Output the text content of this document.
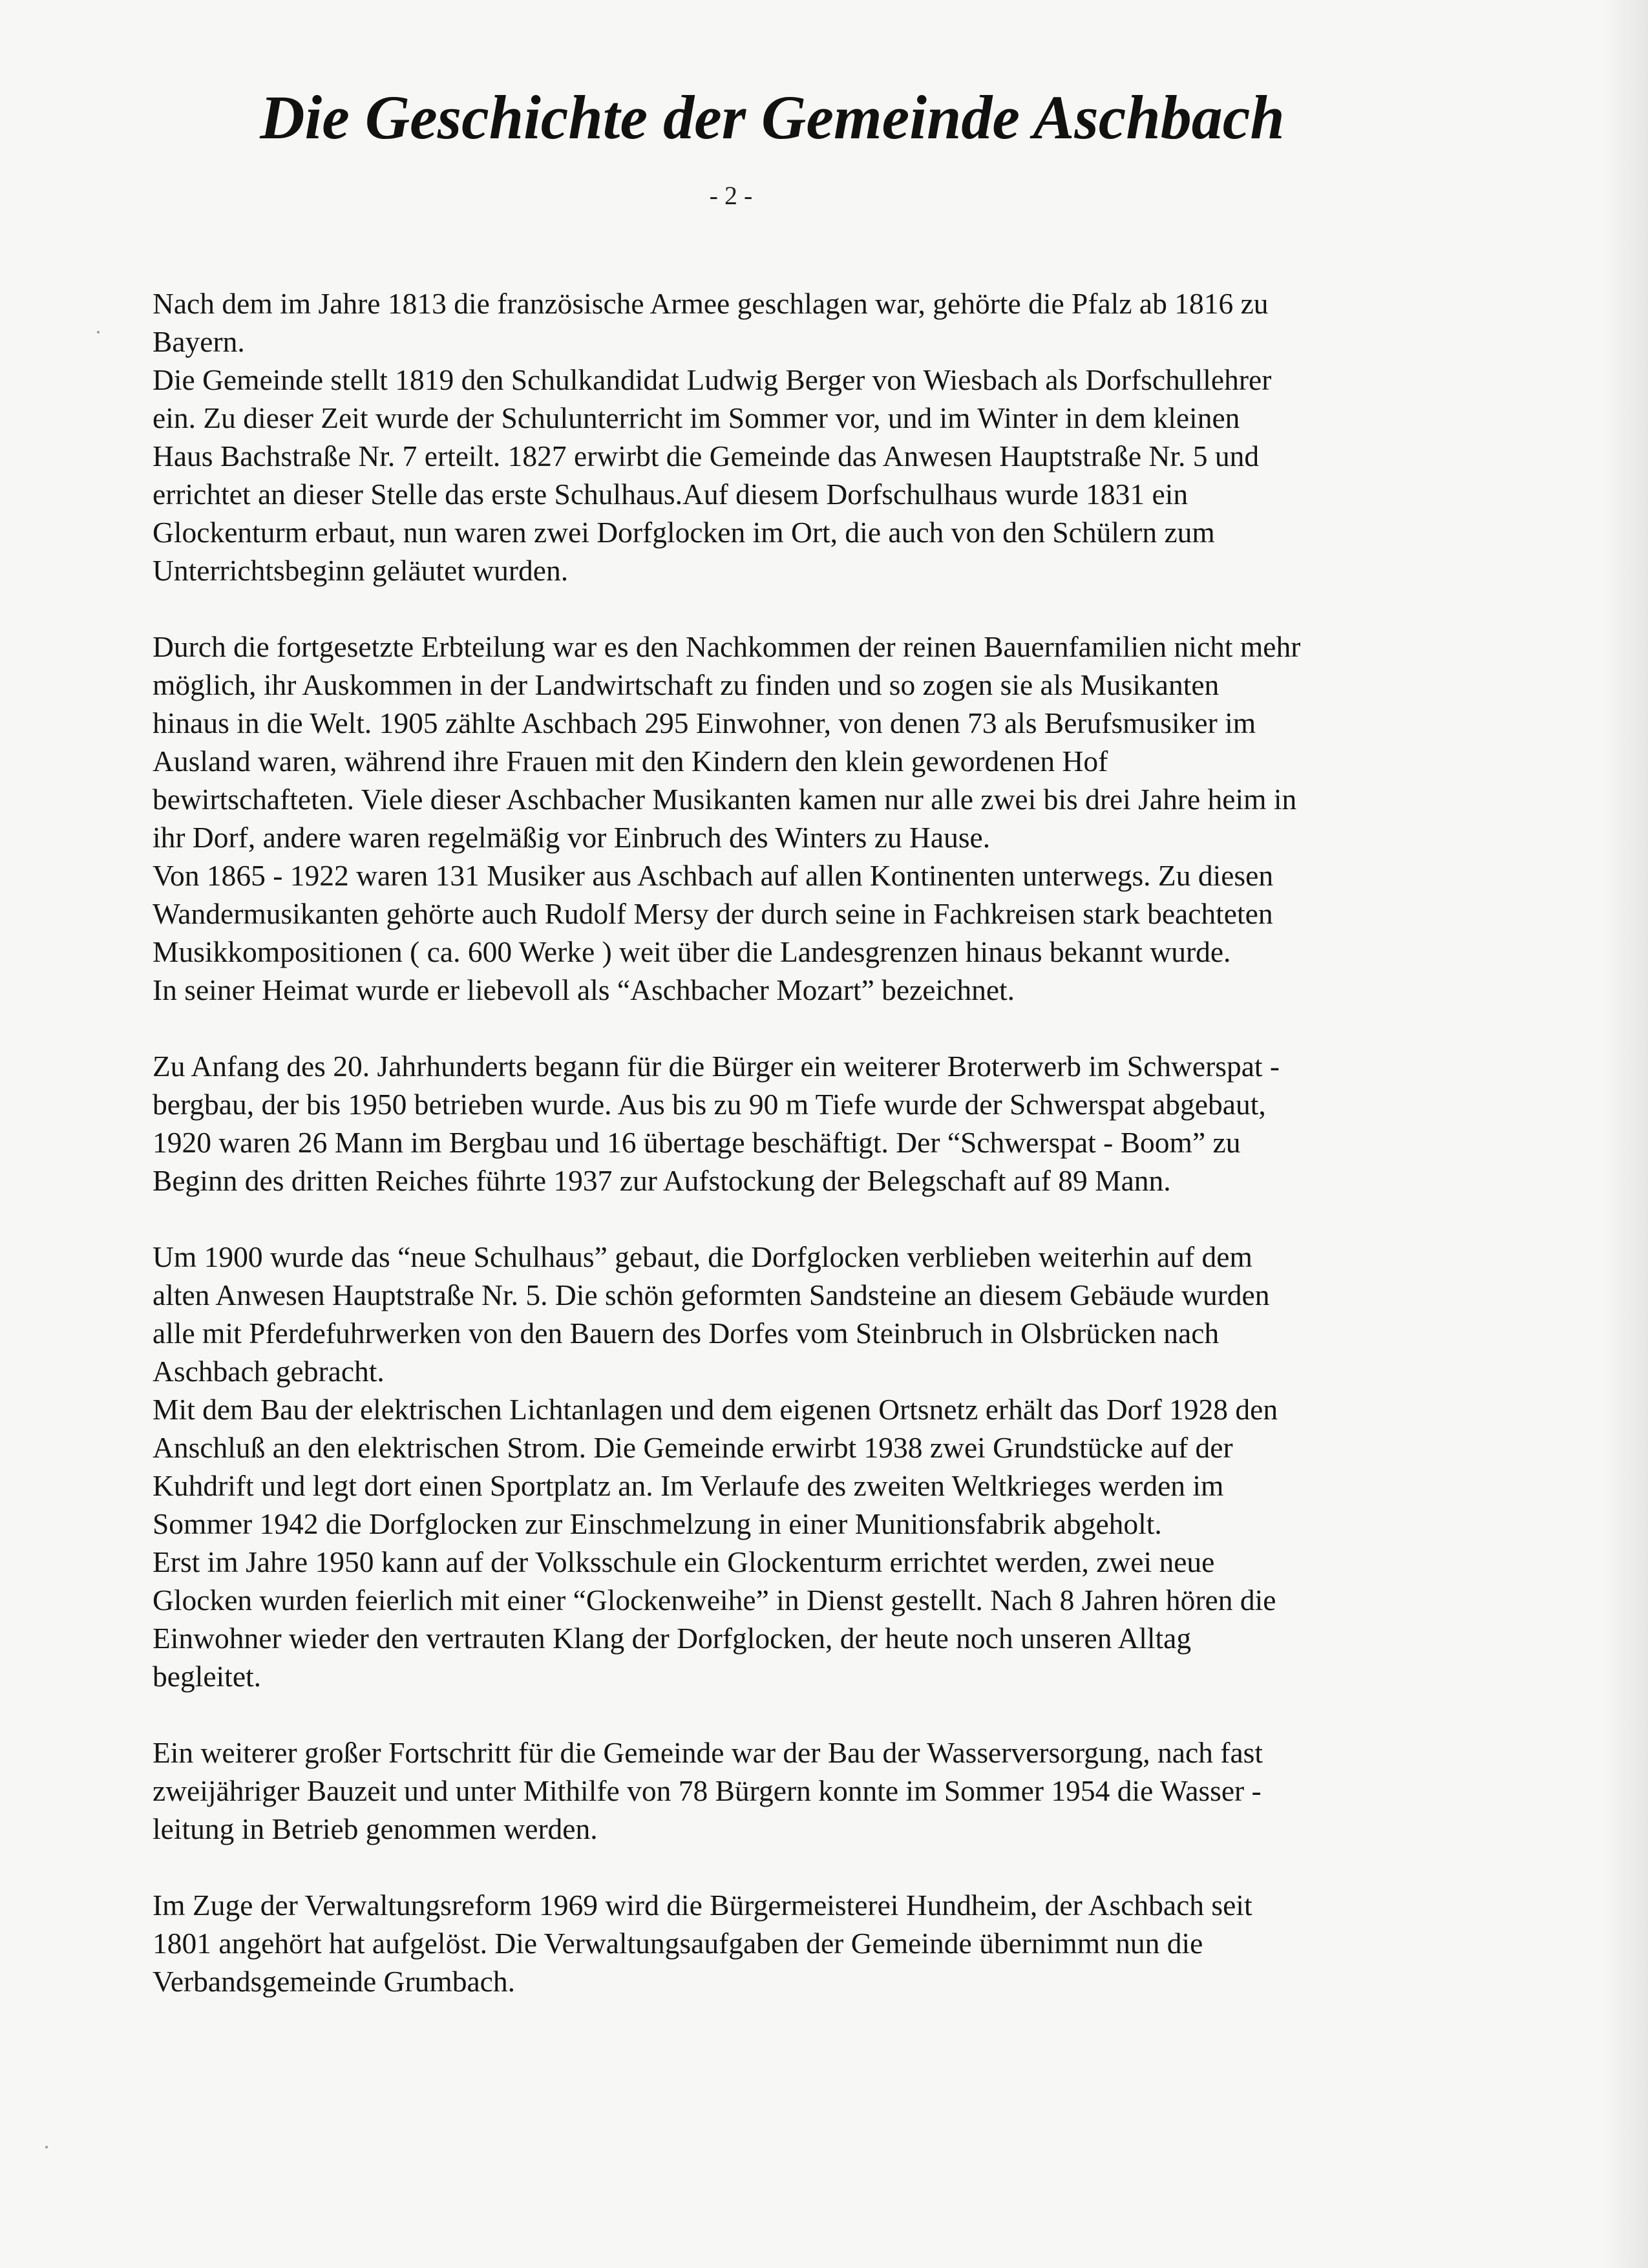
Die Geschichte der Gemeinde Aschbach
- 2 -

Nach dem im Jahre 1813 die französische Armee geschlagen war, gehörte die Pfalz ab 1816 zu
Bayern.
Die Gemeinde stellt 1819 den Schulkandidat Ludwig Berger von Wiesbach als Dorfschullehrer
ein. Zu dieser Zeit wurde der Schulunterricht im Sommer vor, und im Winter in dem kleinen
Haus Bachstraße Nr. 7 erteilt. 1827 erwirbt die Gemeinde das Anwesen Hauptstraße Nr. 5 und
errichtet an dieser Stelle das erste Schulhaus.Auf diesem Dorfschulhaus wurde 1831 ein
Glockenturm erbaut, nun waren zwei Dorfglocken im Ort, die auch von den Schülern zum
Unterrichtsbeginn geläutet wurden.

Durch die fortgesetzte Erbteilung war es den Nachkommen der reinen Bauernfamilien nicht mehr
möglich, ihr Auskommen in der Landwirtschaft zu finden und so zogen sie als Musikanten
hinaus in die Welt. 1905 zählte Aschbach 295 Einwohner, von denen 73 als Berufsmusiker im
Ausland waren, während ihre Frauen mit den Kindern den klein gewordenen Hof
bewirtschafteten. Viele dieser Aschbacher Musikanten kamen nur alle zwei bis drei Jahre heim in
ihr Dorf, andere waren regelmäßig vor Einbruch des Winters zu Hause.
Von 1865 - 1922 waren 131 Musiker aus Aschbach auf allen Kontinenten unterwegs. Zu diesen
Wandermusikanten gehörte auch Rudolf Mersy der durch seine in Fachkreisen stark beachteten
Musikkompositionen ( ca. 600 Werke ) weit über die Landesgrenzen hinaus bekannt wurde.
In seiner Heimat wurde er liebevoll als “Aschbacher Mozart” bezeichnet.

Zu Anfang des 20. Jahrhunderts begann für die Bürger ein weiterer Broterwerb im Schwerspat -
bergbau, der bis 1950 betrieben wurde. Aus bis zu 90 m Tiefe wurde der Schwerspat abgebaut,
1920 waren 26 Mann im Bergbau und 16 übertage beschäftigt. Der “Schwerspat - Boom” zu
Beginn des dritten Reiches führte 1937 zur Aufstockung der Belegschaft auf 89 Mann.

Um 1900 wurde das “neue Schulhaus” gebaut, die Dorfglocken verblieben weiterhin auf dem
alten Anwesen Hauptstraße Nr. 5. Die schön geformten Sandsteine an diesem Gebäude wurden
alle mit Pferdefuhrwerken von den Bauern des Dorfes vom Steinbruch in Olsbrücken nach
Aschbach gebracht.
Mit dem Bau der elektrischen Lichtanlagen und dem eigenen Ortsnetz erhält das Dorf 1928 den
Anschluß an den elektrischen Strom. Die Gemeinde erwirbt 1938 zwei Grundstücke auf der
Kuhdrift und legt dort einen Sportplatz an. Im Verlaufe des zweiten Weltkrieges werden im
Sommer 1942 die Dorfglocken zur Einschmelzung in einer Munitionsfabrik abgeholt.
Erst im Jahre 1950 kann auf der Volksschule ein Glockenturm errichtet werden, zwei neue
Glocken wurden feierlich mit einer “Glockenweihe” in Dienst gestellt. Nach 8 Jahren hören die
Einwohner wieder den vertrauten Klang der Dorfglocken, der heute noch unseren Alltag
begleitet.

Ein weiterer großer Fortschritt für die Gemeinde war der Bau der Wasserversorgung, nach fast
zweijähriger Bauzeit und unter Mithilfe von 78 Bürgern konnte im Sommer 1954 die Wasser -
leitung in Betrieb genommen werden.

Im Zuge der Verwaltungsreform 1969 wird die Bürgermeisterei Hundheim, der Aschbach seit
1801 angehört hat aufgelöst. Die Verwaltungsaufgaben der Gemeinde übernimmt nun die
Verbandsgemeinde Grumbach.
